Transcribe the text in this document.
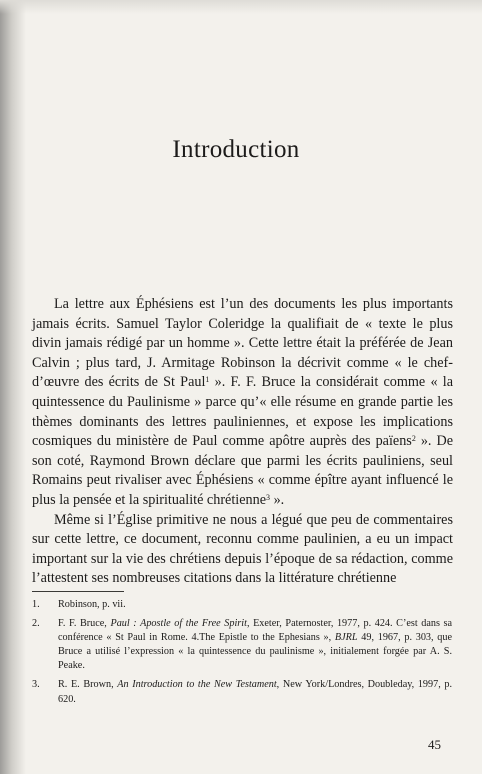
Introduction

La lettre aux Éphésiens est l’un des documents les plus importants jamais écrits. Samuel Taylor Coleridge la qualifiait de « texte le plus divin jamais rédigé par un homme ». Cette lettre était la préférée de Jean Calvin ; plus tard, J. Armitage Robinson la décrivit comme « le chef-d’œuvre des écrits de St Paul$^1$ ». F. F. Bruce la considérait comme « la quintessence du Paulinisme » parce qu’« elle résume en grande partie les thèmes dominants des lettres pauliniennes, et expose les implications cosmiques du ministère de Paul comme apôtre auprès des païens$^2$ ». De son coté, Raymond Brown déclare que parmi les écrits pauliniens, seul Romains peut rivaliser avec Éphésiens « comme épître ayant influencé le plus la pensée et la spiritualité chrétienne$^3$ ».

Même si l’Église primitive ne nous a légué que peu de commentaires sur cette lettre, ce document, reconnu comme paulinien, a eu un impact important sur la vie des chrétiens depuis l’époque de sa rédaction, comme l’attestent ses nombreuses citations dans la littérature chrétienne

1. Robinson, p. vii.
2. F. F. Bruce, Paul : Apostle of the Free Spirit, Exeter, Paternoster, 1977, p. 424. C’est dans sa conférence « St Paul in Rome. 4.The Epistle to the Ephesians », BJRL 49, 1967, p. 303, que Bruce a utilisé l’expression « la quintessence du paulinisme », initialement forgée par A. S. Peake.
3. R. E. Brown, An Introduction to the New Testament, New York/Londres, Doubleday, 1997, p. 620.
45
